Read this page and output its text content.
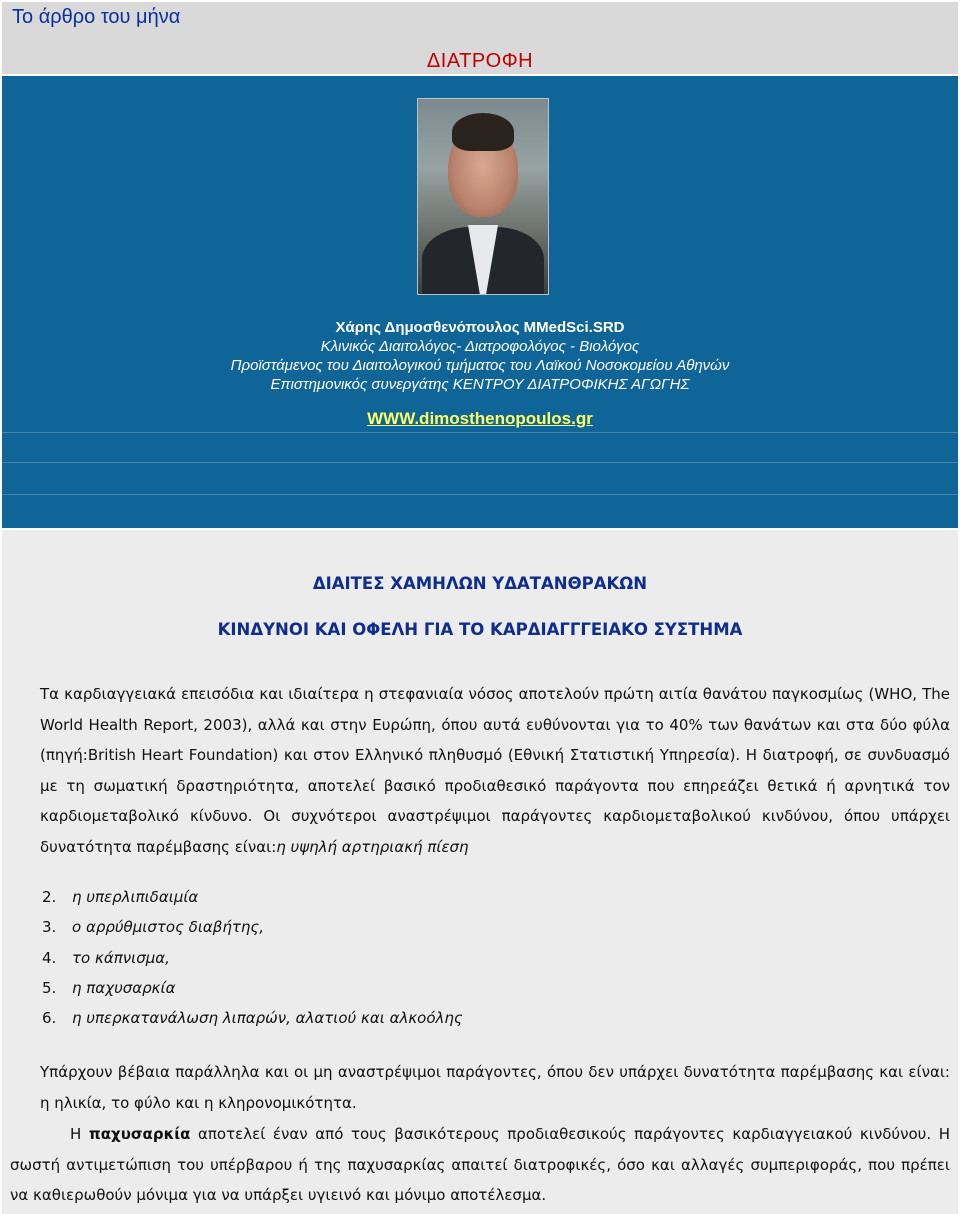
Το άρθρο του μήνα
ΔΙΑΤΡΟΦΗ
Χάρης Δημοσθενόπουλος MMedSci.SRD
Κλινικός Διαιτολόγος- Διατροφολόγος - Βιολόγος
Προϊστάμενος του Διαιτολογικού τμήματος του Λαϊκού Νοσοκομείου Αθηνών
Επιστημονικός συνεργάτης ΚΕΝΤΡΟΥ ΔΙΑΤΡΟΦΙΚΗΣ ΑΓΩΓΗΣ
WWW.dimosthenopoulos.gr
ΔΙΑΙΤΕΣ ΧΑΜΗΛΩΝ ΥΔΑΤΑΝΘΡΑΚΩΝ
ΚΙΝΔΥΝΟΙ ΚΑΙ ΟΦΕΛΗ ΓΙΑ ΤΟ ΚΑΡΔΙΑΓΓΓΕΙΑΚΟ ΣΥΣΤΗΜΑ
Τα καρδιαγγειακά επεισόδια και ιδιαίτερα η στεφανιαία νόσος αποτελούν πρώτη αιτία θανάτου παγκοσμίως (WHO, The World Health Report, 2003), αλλά και στην Ευρώπη, όπου αυτά ευθύνονται για το 40% των θανάτων και στα δύο φύλα (πηγή:British Heart Foundation) και στον Ελληνικό πληθυσμό (Εθνική Στατιστική Υπηρεσία). Η διατροφή, σε συνδυασμό με τη σωματική δραστηριότητα, αποτελεί βασικό προδιαθεσικό παράγοντα που επηρεάζει θετικά ή αρνητικά τον καρδιομεταβολικό κίνδυνο. Οι συχνότεροι αναστρέψιμοι παράγοντες καρδιομεταβολικού κινδύνου, όπου υπάρχει δυνατότητα παρέμβασης είναι:η υψηλή αρτηριακή πίεση
2. η υπερλιπιδαιμία
3. ο αρρύθμιστος διαβήτης,
4. το κάπνισμα,
5. η παχυσαρκία
6. η υπερκατανάλωση λιπαρών, αλατιού και αλκοόλης
Υπάρχουν βέβαια παράλληλα και οι μη αναστρέψιμοι παράγοντες, όπου δεν υπάρχει δυνατότητα παρέμβασης και είναι: η ηλικία, το φύλο και η κληρονομικότητα.
Η παχυσαρκία αποτελεί έναν από τους βασικότερους προδιαθεσικούς παράγοντες καρδιαγγειακού κινδύνου. Η σωστή αντιμετώπιση του υπέρβαρου ή της παχυσαρκίας απαιτεί διατροφικές, όσο και αλλαγές συμπεριφοράς, που πρέπει να καθιερωθούν μόνιμα για να υπάρξει υγιεινό και μόνιμο αποτέλεσμα.
